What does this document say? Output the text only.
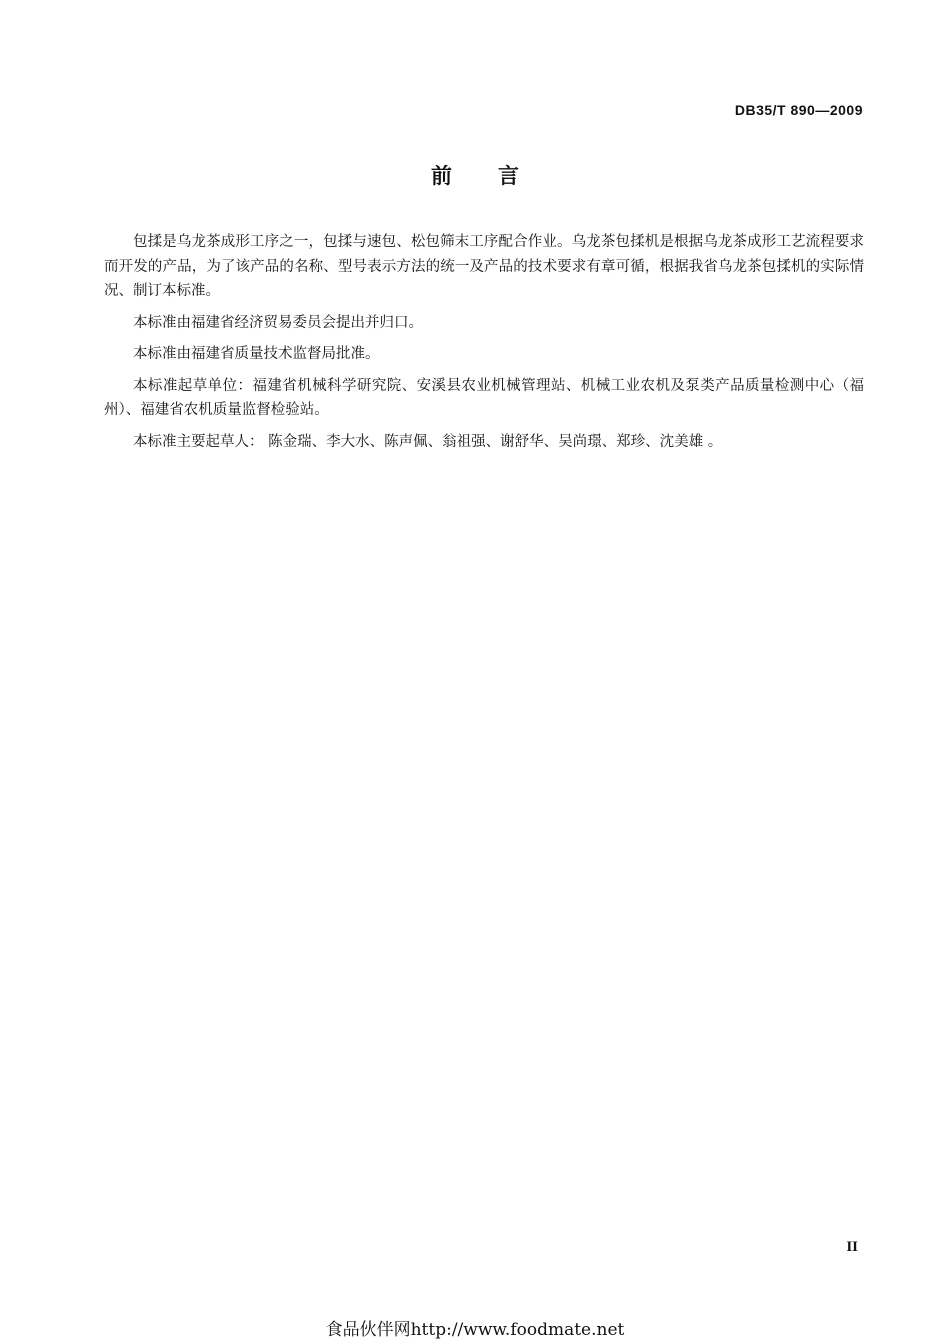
DB35/T 890—2009
前言

包揉是乌龙茶成形工序之一，包揉与速包、松包筛末工序配合作业。乌龙茶包揉机是根据乌龙茶成形工艺流程要求而开发的产品，为了该产品的名称、型号表示方法的统一及产品的技术要求有章可循，根据我省乌龙茶包揉机的实际情况、制订本标准。

本标准由福建省经济贸易委员会提出并归口。

本标准由福建省质量技术监督局批准。

本标准起草单位：福建省机械科学研究院、安溪县农业机械管理站、机械工业农机及泵类产品质量检测中心（福州）、福建省农机质量监督检验站。

本标准主要起草人： 陈金瑞、李大水、陈声佩、翁祖强、谢舒华、吴尚璟、郑珍、沈美雄 。

II
食品伙伴网http://www.foodmate.net
